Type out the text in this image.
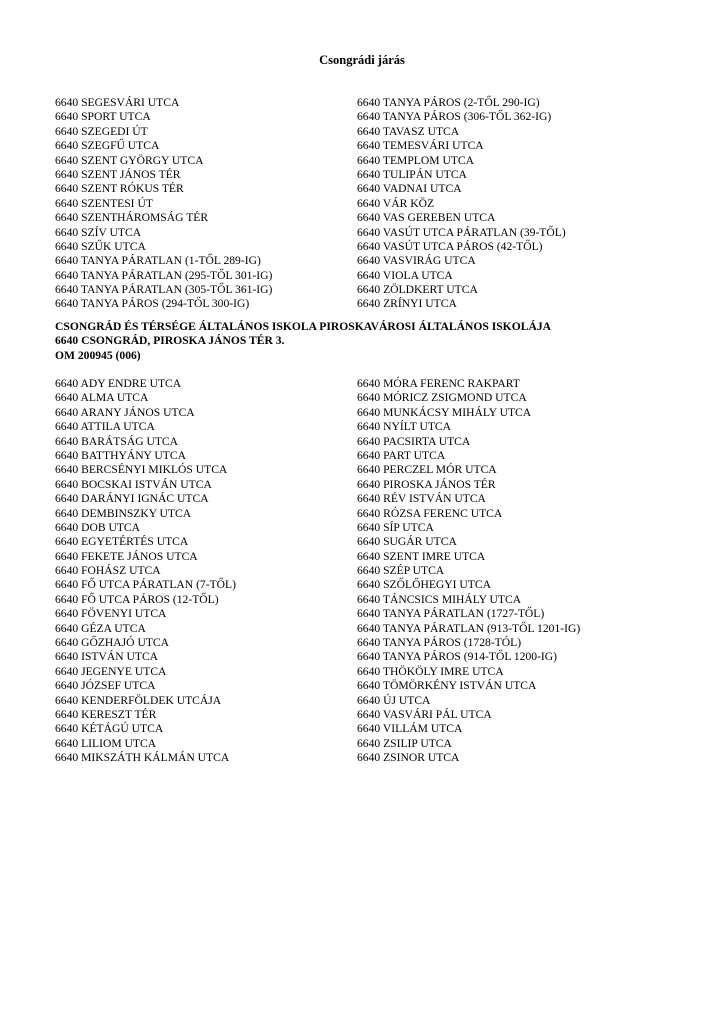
Csongrádi járás
6640 SEGESVÁRI UTCA
6640 SPORT UTCA
6640 SZEGEDI ÚT
6640 SZEGFŰ UTCA
6640 SZENT GYÖRGY UTCA
6640 SZENT JÁNOS TÉR
6640 SZENT RÓKUS TÉR
6640 SZENTESI ÚT
6640 SZENTHÁROMSÁG TÉR
6640 SZÍV UTCA
6640 SZŰK UTCA
6640 TANYA PÁRATLAN (1-TŐL 289-IG)
6640 TANYA PÁRATLAN (295-TŐL 301-IG)
6640 TANYA PÁRATLAN (305-TŐL 361-IG)
6640 TANYA PÁROS (294-TŐL 300-IG)
6640 TANYA PÁROS (2-TŐL 290-IG)
6640 TANYA PÁROS (306-TŐL 362-IG)
6640 TAVASZ UTCA
6640 TEMESVÁRI UTCA
6640 TEMPLOM UTCA
6640 TULIPÁN UTCA
6640 VADNAI UTCA
6640 VÁR KÖZ
6640 VAS GEREBEN UTCA
6640 VASÚT UTCA PÁRATLAN (39-TŐL)
6640 VASÚT UTCA PÁROS (42-TŐL)
6640 VASVIRÁG UTCA
6640 VIOLA UTCA
6640 ZÖLDKERT UTCA
6640 ZRÍNYI UTCA
CSONGRÁD ÉS TÉRSÉGE ÁLTALÁNOS ISKOLA PIROSKAVÁROSI ÁLTALÁNOS ISKOLÁJA
6640 CSONGRÁD, PIROSKA JÁNOS TÉR 3.
OM 200945 (006)
6640 ADY ENDRE UTCA
6640 ALMA UTCA
6640 ARANY JÁNOS UTCA
6640 ATTILA UTCA
6640 BARÁTSÁG UTCA
6640 BATTHYÁNY UTCA
6640 BERCSÉNYI MIKLÓS UTCA
6640 BOCSKAI ISTVÁN UTCA
6640 DARÁNYI IGNÁC UTCA
6640 DEMBINSZKY UTCA
6640 DOB UTCA
6640 EGYETÉRTÉS UTCA
6640 FEKETE JÁNOS UTCA
6640 FOHÁSZ UTCA
6640 FŐ UTCA PÁRATLAN (7-TŐL)
6640 FŐ UTCA PÁROS (12-TŐL)
6640 FÖVENYI UTCA
6640 GÉZA UTCA
6640 GŐZHAJÓ UTCA
6640 ISTVÁN UTCA
6640 JEGENYE UTCA
6640 JÓZSEF UTCA
6640 KENDERFÖLDEK UTCÁJA
6640 KERESZT TÉR
6640 KÉTÁGÚ UTCA
6640 LILIOM UTCA
6640 MIKSZÁTH KÁLMÁN UTCA
6640 MÓRA FERENC RAKPART
6640 MÓRICZ ZSIGMOND UTCA
6640 MUNKÁCSY MIHÁLY UTCA
6640 NYÍLT UTCA
6640 PACSIRTA UTCA
6640 PART UTCA
6640 PERCZEL MÓR UTCA
6640 PIROSKA JÁNOS TÉR
6640 RÉV ISTVÁN UTCA
6640 RÓZSA FERENC UTCA
6640 SÍP UTCA
6640 SUGÁR UTCA
6640 SZENT IMRE UTCA
6640 SZÉP UTCA
6640 SZŐLŐHEGYI UTCA
6640 TÁNCSICS MIHÁLY UTCA
6640 TANYA PÁRATLAN (1727-TŐL)
6640 TANYA PÁRATLAN (913-TŐL 1201-IG)
6640 TANYA PÁROS (1728-TÓL)
6640 TANYA PÁROS (914-TŐL 1200-IG)
6640 THÖKÖLY IMRE UTCA
6640 TÖMÖRKÉNY ISTVÁN UTCA
6640 ÚJ UTCA
6640 VASVÁRI PÁL UTCA
6640 VILLÁM UTCA
6640 ZSILIP UTCA
6640 ZSINOR UTCA
